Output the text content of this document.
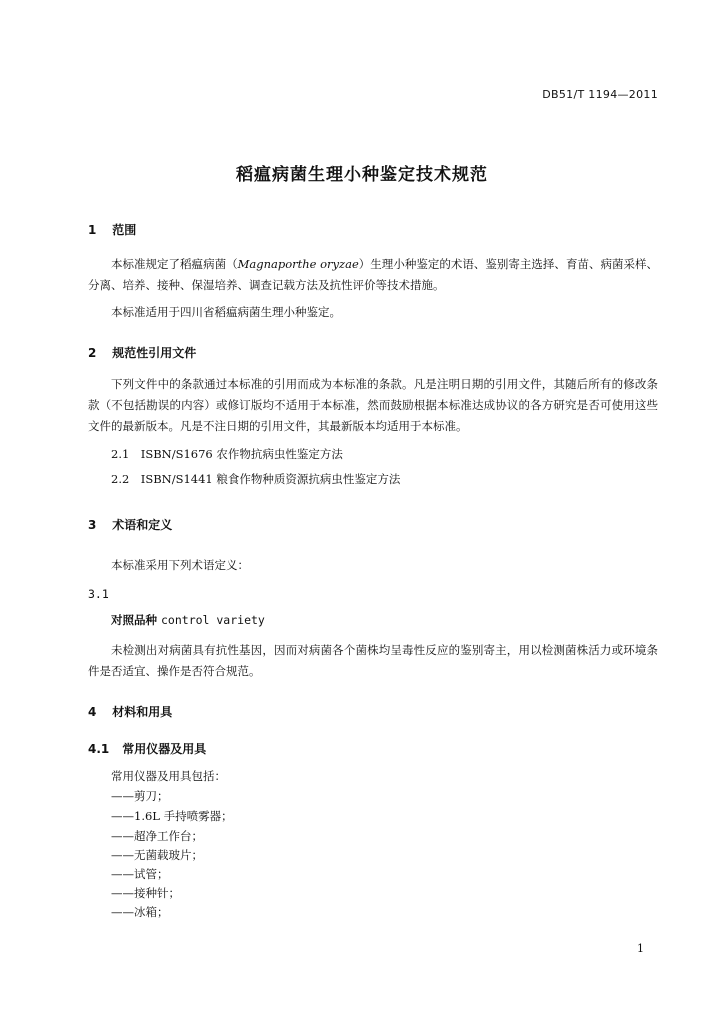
DB51/T 1194—2011
稻瘟病菌生理小种鉴定技术规范
1 范围
本标准规定了稻瘟病菌（Magnaporthe oryzae）生理小种鉴定的术语、鉴别寄主选择、育苗、病菌采样、分离、培养、接种、保湿培养、调查记载方法及抗性评价等技术措施。
本标准适用于四川省稻瘟病菌生理小种鉴定。
2 规范性引用文件
下列文件中的条款通过本标准的引用而成为本标准的条款。凡是注明日期的引用文件，其随后所有的修改条款（不包括勘误的内容）或修订版均不适用于本标准，然而鼓励根据本标准达成协议的各方研究是否可使用这些文件的最新版本。凡是不注日期的引用文件，其最新版本均适用于本标准。
2.1　ISBN/S1676 农作物抗病虫性鉴定方法
2.2　ISBN/S1441 粮食作物种质资源抗病虫性鉴定方法
3 术语和定义
本标准采用下列术语定义：
3.1
对照品种 control variety
未检测出对病菌具有抗性基因，因而对病菌各个菌株均呈毒性反应的鉴别寄主，用以检测菌株活力或环境条件是否适宜、操作是否符合规范。
4 材料和用具
4.1 常用仪器及用具
常用仪器及用具包括：
——剪刀；
——1.6L 手持喷雾器；
——超净工作台；
——无菌载玻片；
——试管；
——接种针；
——冰箱；
1
